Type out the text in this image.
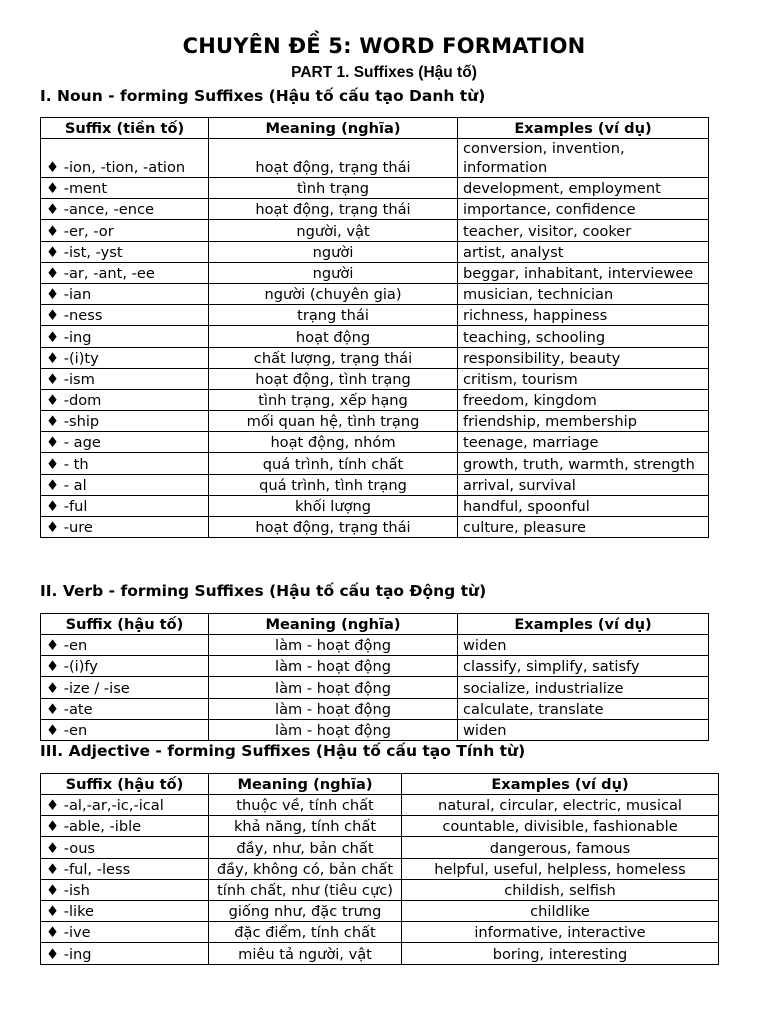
CHUYÊN ĐỀ 5: WORD FORMATION
PART 1. Suffixes (Hậu tố)
I. Noun - forming Suffixes (Hậu tố cấu tạo Danh từ)
Suffix (tiền tố)	Meaning (nghĩa)	Examples (ví dụ)
♦ -ion, -tion, -ation	hoạt động, trạng thái	conversion, invention, information
♦ -ment	tình trạng	development, employment
♦ -ance, -ence	hoạt động, trạng thái	importance, confidence
♦ -er, -or	người, vật	teacher, visitor, cooker
♦ -ist, -yst	người	artist, analyst
♦ -ar, -ant, -ee	người	beggar, inhabitant, interviewee
♦ -ian	người (chuyên gia)	musician, technician
♦ -ness	trạng thái	richness, happiness
♦ -ing	hoạt động	teaching, schooling
♦ -(i)ty	chất lượng, trạng thái	responsibility, beauty
♦ -ism	hoạt động, tình trạng	critism, tourism
♦ -dom	tình trạng, xếp hạng	freedom, kingdom
♦ -ship	mối quan hệ, tình trạng	friendship, membership
♦ - age	hoạt động, nhóm	teenage, marriage
♦ - th	quá trình, tính chất	growth, truth, warmth, strength
♦ - al	quá trình, tình trạng	arrival, survival
♦ -ful	khối lượng	handful, spoonful
♦ -ure	hoạt động, trạng thái	culture, pleasure
II. Verb - forming Suffixes (Hậu tố cấu tạo Động từ)
Suffix (hậu tố)	Meaning (nghĩa)	Examples (ví dụ)
♦ -en	làm - hoạt động	widen
♦ -(i)fy	làm - hoạt động	classify, simplify, satisfy
♦ -ize / -ise	làm - hoạt động	socialize, industrialize
♦ -ate	làm - hoạt động	calculate, translate
♦ -en	làm - hoạt động	widen
III. Adjective - forming Suffixes (Hậu tố cấu tạo Tính từ)
Suffix (hậu tố)	Meaning (nghĩa)	Examples (ví dụ)
♦ -al,-ar,-ic,-ical	thuộc về, tính chất	natural, circular, electric, musical
♦ -able, -ible	khả năng, tính chất	countable, divisible, fashionable
♦ -ous	đầy, như, bản chất	dangerous, famous
♦ -ful, -less	đầy, không có, bản chất	helpful, useful, helpless, homeless
♦ -ish	tính chất, như (tiêu cực)	childish, selfish
♦ -like	giống như, đặc trưng	childlike
♦ -ive	đặc điểm, tính chất	informative, interactive
♦ -ing	miêu tả người, vật	boring, interesting
